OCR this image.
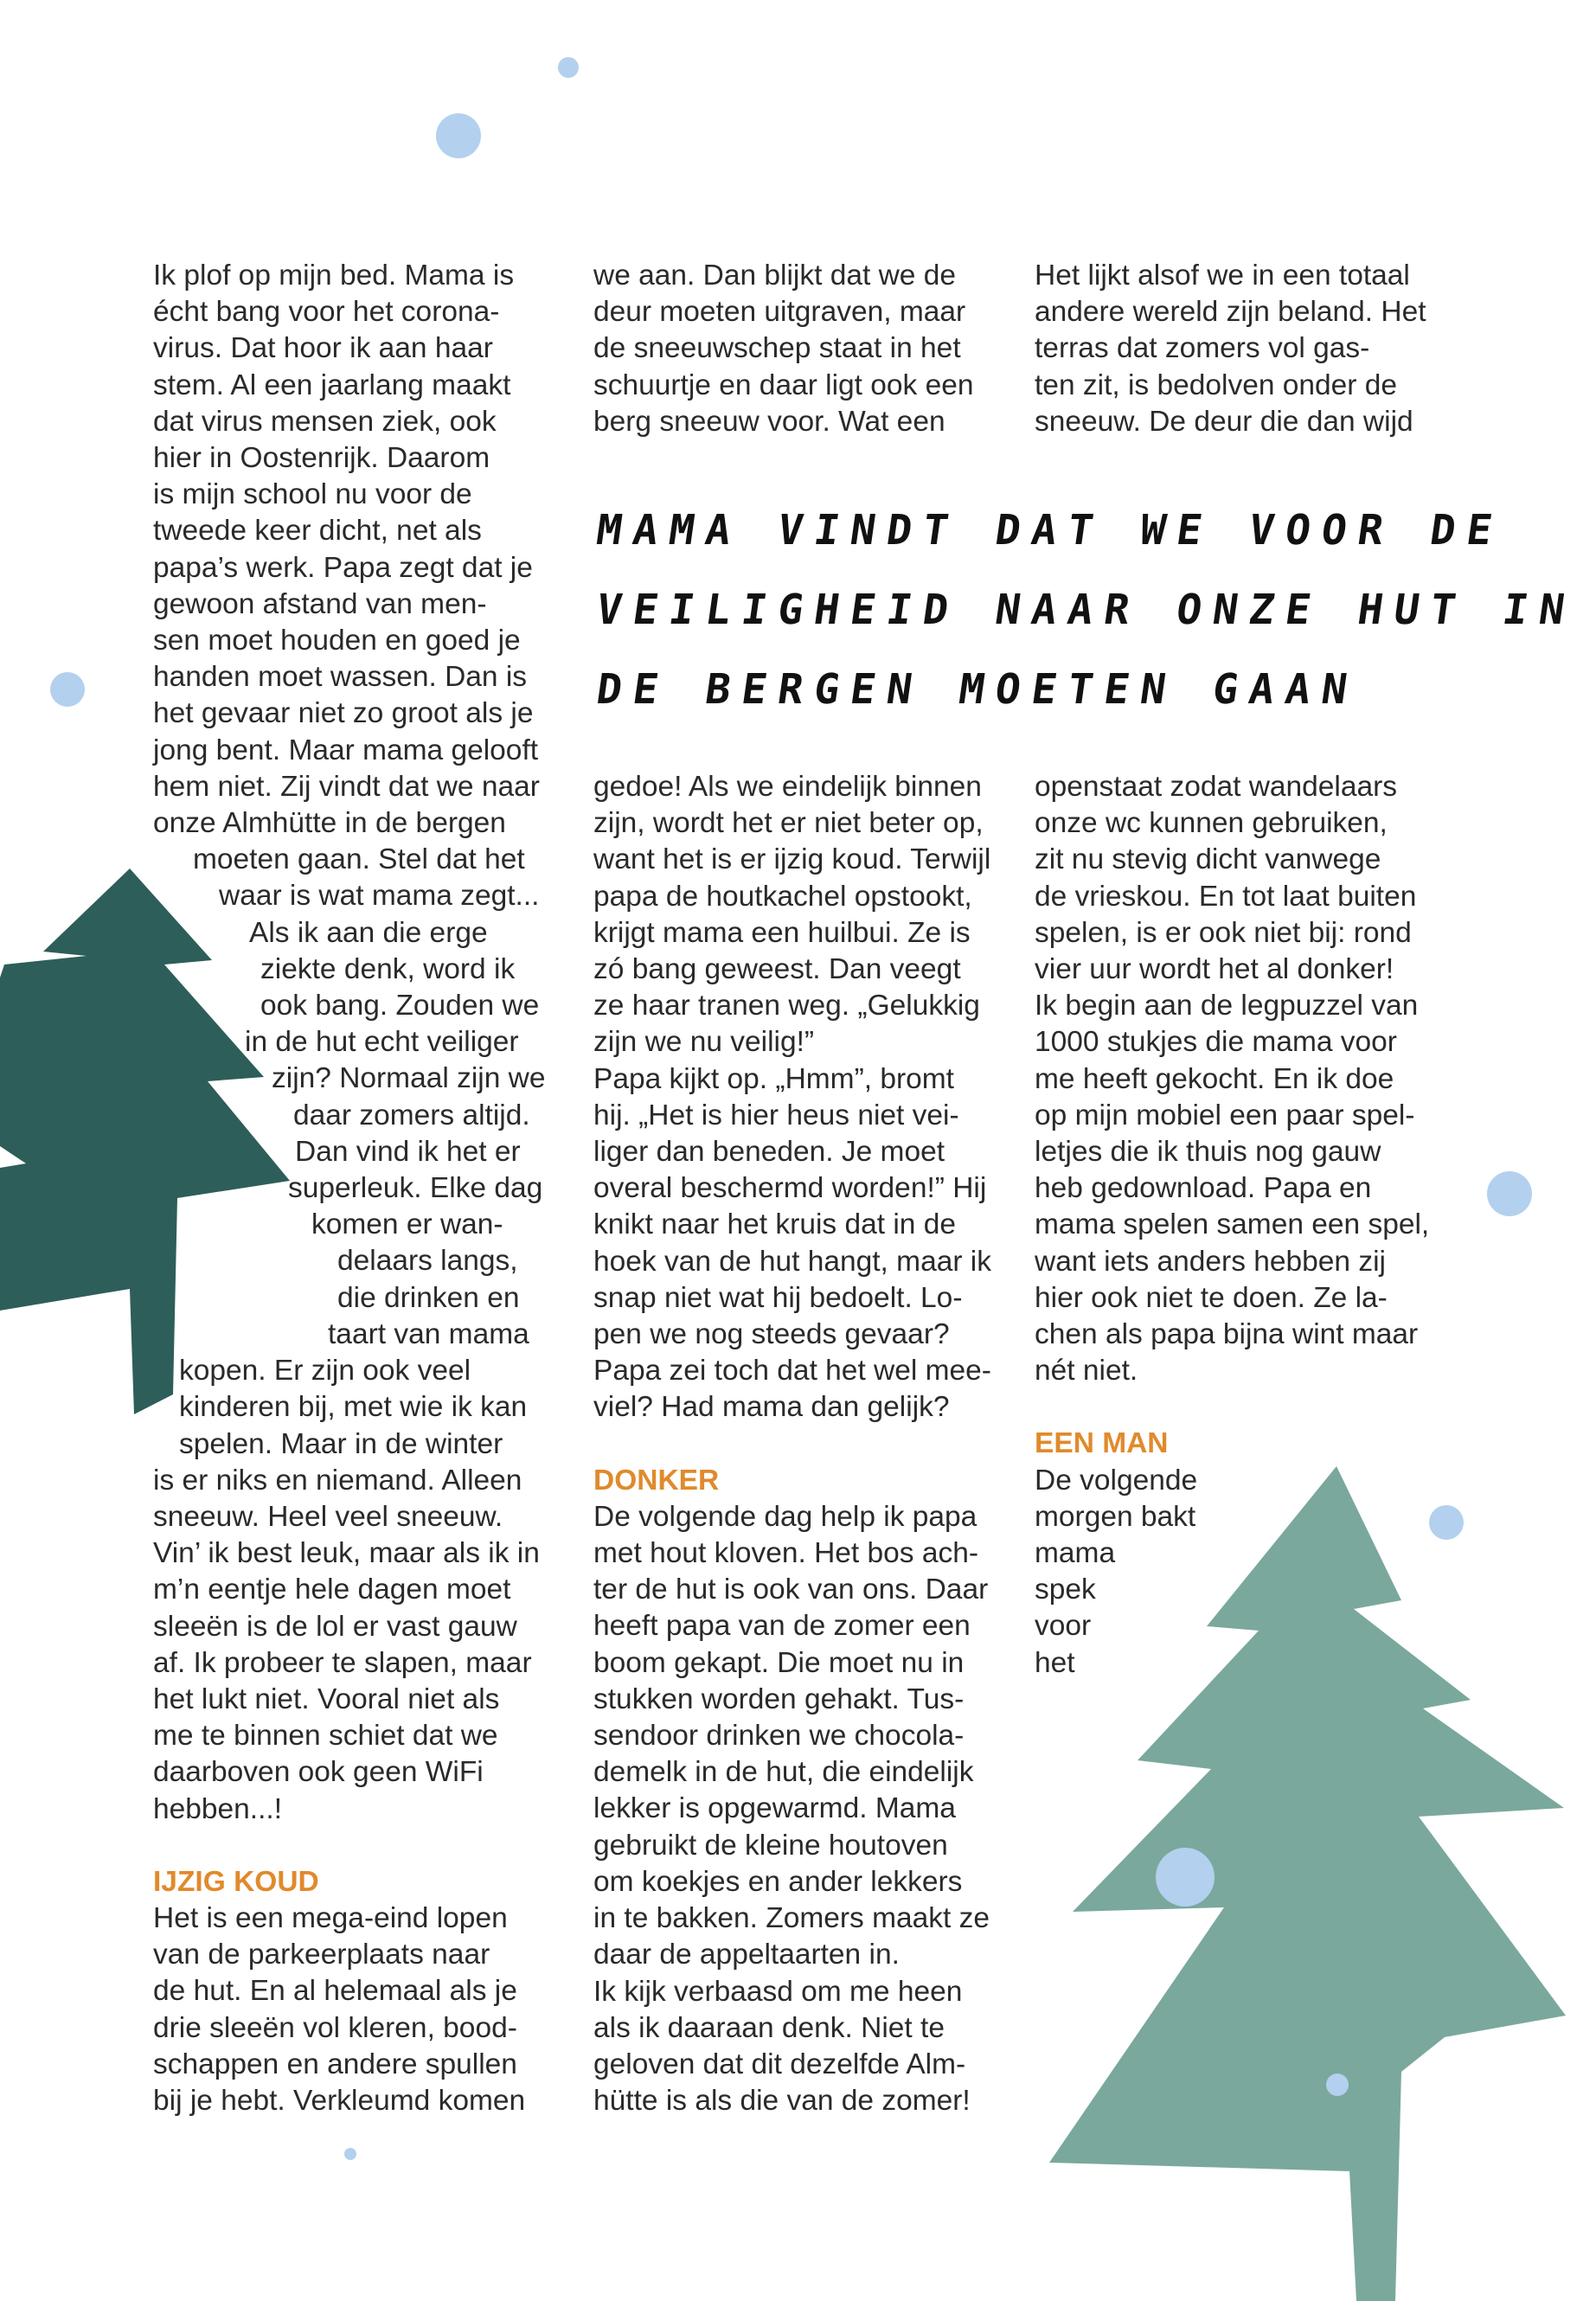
MAMA VINDT DAT WE VOOR DE
VEILIGHEID NAAR ONZE HUT IN
DE BERGEN MOETEN GAAN
Ik plof op mijn bed. Mama is
écht bang voor het corona-
virus. Dat hoor ik aan haar
stem. Al een jaarlang maakt
dat virus mensen ziek, ook
hier in Oostenrijk. Daarom
is mijn school nu voor de
tweede keer dicht, net als
papa’s werk. Papa zegt dat je
gewoon afstand van men-
sen moet houden en goed je
handen moet wassen. Dan is
het gevaar niet zo groot als je
jong bent. Maar mama gelooft
hem niet. Zij vindt dat we naar
onze Almhütte in de bergen
moeten gaan. Stel dat het
waar is wat mama zegt...
Als ik aan die erge
ziekte denk, word ik
ook bang. Zouden we
in de hut echt veiliger
zijn? Normaal zijn we
daar zomers altijd.
Dan vind ik het er
superleuk. Elke dag
komen er wan-
delaars langs,
die drinken en
taart van mama
kopen. Er zijn ook veel
kinderen bij, met wie ik kan
spelen. Maar in de winter
is er niks en niemand. Alleen
sneeuw. Heel veel sneeuw.
Vin’ ik best leuk, maar als ik in
m’n eentje hele dagen moet
sleeën is de lol er vast gauw
af. Ik probeer te slapen, maar
het lukt niet. Vooral niet als
me te binnen schiet dat we
daarboven ook geen WiFi
hebben...!
IJZIG KOUD
Het is een mega-eind lopen
van de parkeerplaats naar
de hut. En al helemaal als je
drie sleeën vol kleren, bood-
schappen en andere spullen
bij je hebt. Verkleumd komen
we aan. Dan blijkt dat we de
deur moeten uitgraven, maar
de sneeuwschep staat in het
schuurtje en daar ligt ook een
berg sneeuw voor. Wat een
gedoe! Als we eindelijk binnen
zijn, wordt het er niet beter op,
want het is er ijzig koud. Terwijl
papa de houtkachel opstookt,
krijgt mama een huilbui. Ze is
zó bang geweest. Dan veegt
ze haar tranen weg. „Gelukkig
zijn we nu veilig!”
Papa kijkt op. „Hmm”, bromt
hij. „Het is hier heus niet vei-
liger dan beneden. Je moet
overal beschermd worden!” Hij
knikt naar het kruis dat in de
hoek van de hut hangt, maar ik
snap niet wat hij bedoelt. Lo-
pen we nog steeds gevaar?
Papa zei toch dat het wel mee-
viel? Had mama dan gelijk?
DONKER
De volgende dag help ik papa
met hout kloven. Het bos ach-
ter de hut is ook van ons. Daar
heeft papa van de zomer een
boom gekapt. Die moet nu in
stukken worden gehakt. Tus-
sendoor drinken we chocola-
demelk in de hut, die eindelijk
lekker is opgewarmd. Mama
gebruikt de kleine houtoven
om koekjes en ander lekkers
in te bakken. Zomers maakt ze
daar de appeltaarten in.
Ik kijk verbaasd om me heen
als ik daaraan denk. Niet te
geloven dat dit dezelfde Alm-
hütte is als die van de zomer!
Het lijkt alsof we in een totaal
andere wereld zijn beland. Het
terras dat zomers vol gas-
ten zit, is bedolven onder de
sneeuw. De deur die dan wijd
openstaat zodat wandelaars
onze wc kunnen gebruiken,
zit nu stevig dicht vanwege
de vrieskou. En tot laat buiten
spelen, is er ook niet bij: rond
vier uur wordt het al donker!
Ik begin aan de legpuzzel van
1000 stukjes die mama voor
me heeft gekocht. En ik doe
op mijn mobiel een paar spel-
letjes die ik thuis nog gauw
heb gedownload. Papa en
mama spelen samen een spel,
want iets anders hebben zij
hier ook niet te doen. Ze la-
chen als papa bijna wint maar
nét niet.
EEN MAN
De volgende
morgen bakt
mama
spek
voor
het
